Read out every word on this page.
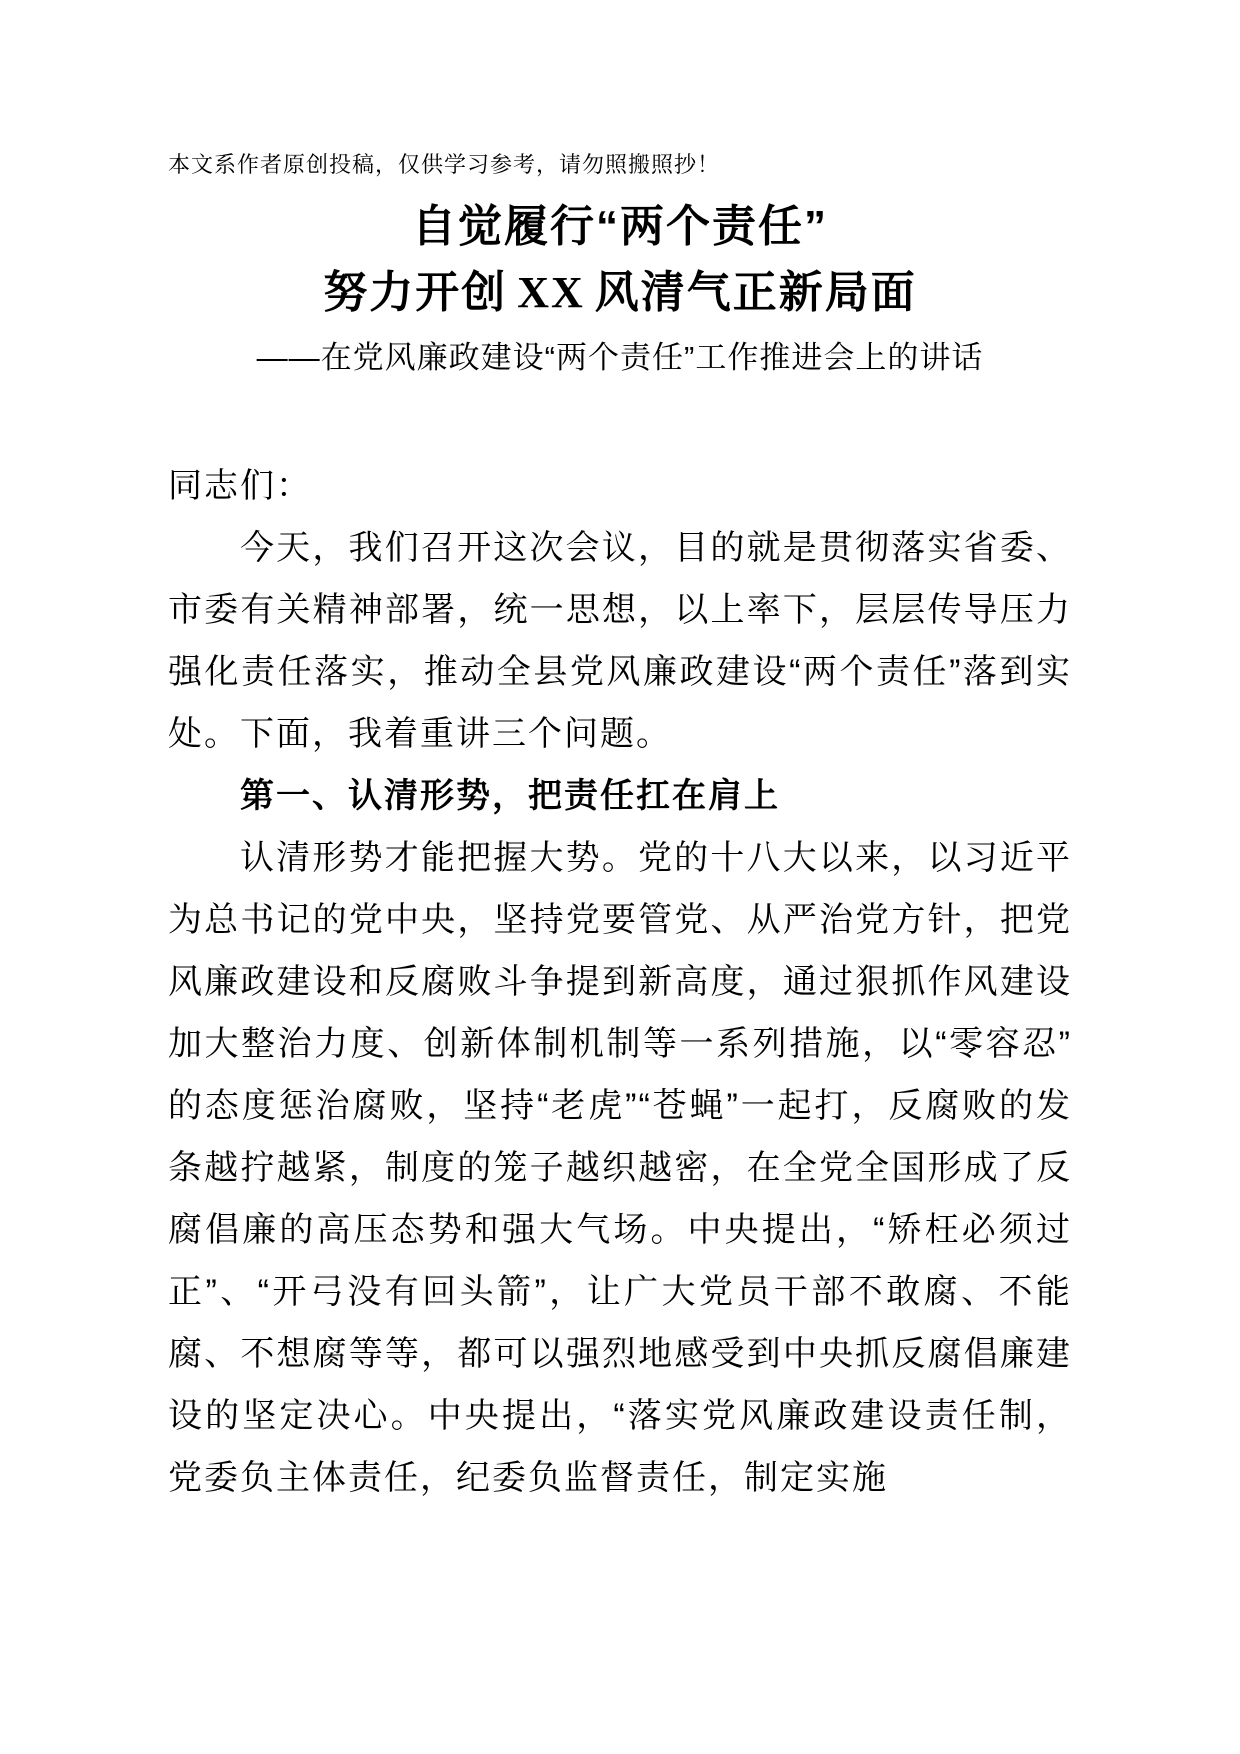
本文系作者原创投稿，仅供学习参考，请勿照搬照抄！

自觉履行“两个责任”
努力开创 XX 风清气正新局面
——在党风廉政建设“两个责任”工作推进会上的讲话

同志们：

今天，我们召开这次会议，目的就是贯彻落实省委、市委有关精神部署，统一思想，以上率下，层层传导压力强化责任落实，推动全县党风廉政建设“两个责任”落到实处。下面，我着重讲三个问题。

第一、认清形势，把责任扛在肩上

认清形势才能把握大势。党的十八大以来，以习近平为总书记的党中央，坚持党要管党、从严治党方针，把党风廉政建设和反腐败斗争提到新高度，通过狠抓作风建设加大整治力度、创新体制机制等一系列措施，以“零容忍”的态度惩治腐败，坚持“老虎”“苍蝇”一起打，反腐败的发条越拧越紧，制度的笼子越织越密，在全党全国形成了反腐倡廉的高压态势和强大气场。中央提出，“矫枉必须过正”、“开弓没有回头箭”，让广大党员干部不敢腐、不能腐、不想腐等等，都可以强烈地感受到中央抓反腐倡廉建设的坚定决心。中央提出，“落实党风廉政建设责任制，党委负主体责任，纪委负监督责任，制定实施
